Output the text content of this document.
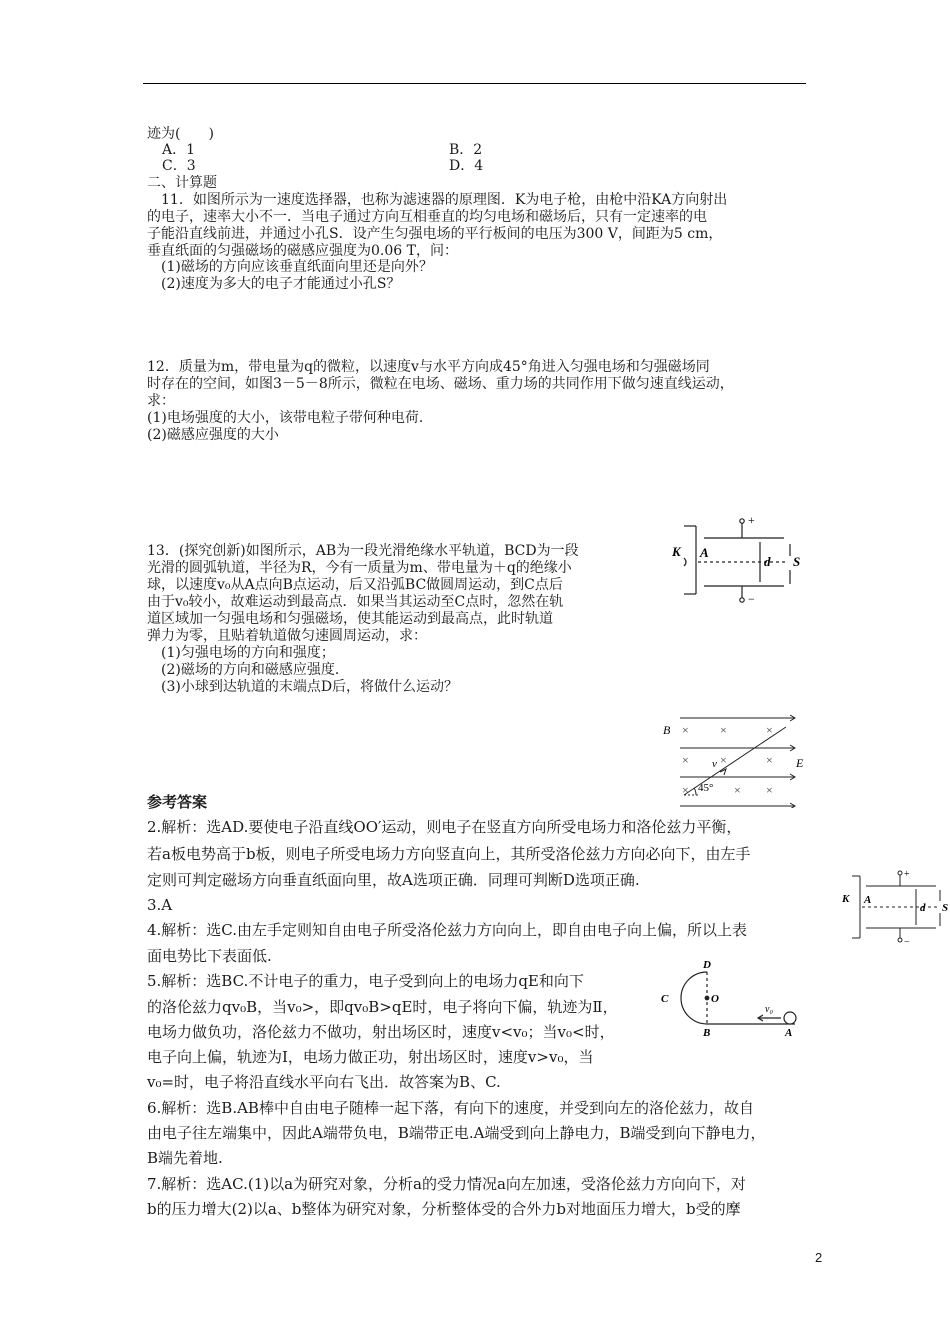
迹为(　　)
A．1	B．2
C．3	D．4
二、计算题
　11．如图所示为一速度选择器，也称为滤速器的原理图．K为电子枪，由枪中沿KA方向射出
的电子，速率大小不一．当电子通过方向互相垂直的均匀电场和磁场后，只有一定速率的电
子能沿直线前进，并通过小孔S．设产生匀强电场的平行板间的电压为300 V，间距为5 cm，
垂直纸面的匀强磁场的磁感应强度为0.06 T，问：
　(1)磁场的方向应该垂直纸面向里还是向外？
　(2)速度为多大的电子才能通过小孔S？
12．质量为m，带电量为q的微粒，以速度v与水平方向成45°角进入匀强电场和匀强磁场同
时存在的空间，如图3－5－8所示，微粒在电场、磁场、重力场的共同作用下做匀速直线运动，
求：
(1)电场强度的大小，该带电粒子带何种电荷．
(2)磁感应强度的大小
13．(探究创新)如图所示，AB为一段光滑绝缘水平轨道，BCD为一段
光滑的圆弧轨道，半径为R，今有一质量为m、带电量为＋q的绝缘小
球，以速度v₀从A点向B点运动，后又沿弧BC做圆周运动，到C点后
由于v₀较小，故难运动到最高点．如果当其运动至C点时，忽然在轨
道区域加一匀强电场和匀强磁场，使其能运动到最高点，此时轨道
弹力为零，且贴着轨道做匀速圆周运动，求：
　(1)匀强电场的方向和强度；
　(2)磁场的方向和磁感应强度．
　(3)小球到达轨道的末端点D后，将做什么运动？
+
−
K A
d S
×	×	×
×	×	×
×	× ×
B
E
v
45°
参考答案
2.解析：选AD.要使电子沿直线OO′运动，则电子在竖直方向所受电场力和洛伦兹力平衡，
若a板电势高于b板，则电子所受电场力方向竖直向上，其所受洛伦兹力方向必向下，由左手
定则可判定磁场方向垂直纸面向里，故A选项正确．同理可判断D选项正确.
3.A
4.解析：选C.由左手定则知自由电子所受洛伦兹力方向向上，即自由电子向上偏，所以上表
面电势比下表面低.
5.解析：选BC.不计电子的重力，电子受到向上的电场力qE和向下
的洛伦兹力qv₀B，当v₀>，即qv₀B>qE时，电子将向下偏，轨迹为Ⅱ，
电场力做负功，洛伦兹力不做功，射出场区时，速度v<v₀；当v₀<时，
电子向上偏，轨迹为Ⅰ，电场力做正功，射出场区时，速度v>v₀，当
v₀=时，电子将沿直线水平向右飞出．故答案为B、C.
6.解析：选B.AB棒中自由电子随棒一起下落，有向下的速度，并受到向左的洛伦兹力，故自
由电子往左端集中，因此A端带负电，B端带正电.A端受到向上静电力，B端受到向下静电力，
B端先着地.
7.解析：选AC.(1)以a为研究对象，分析a的受力情况a向左加速，受洛伦兹力方向向下，对
b的压力增大(2)以a、b整体为研究对象，分析整体受的合外力b对地面压力增大，b受的摩
+
−
K A
d S
D
O
C
B	A
v₀
2
